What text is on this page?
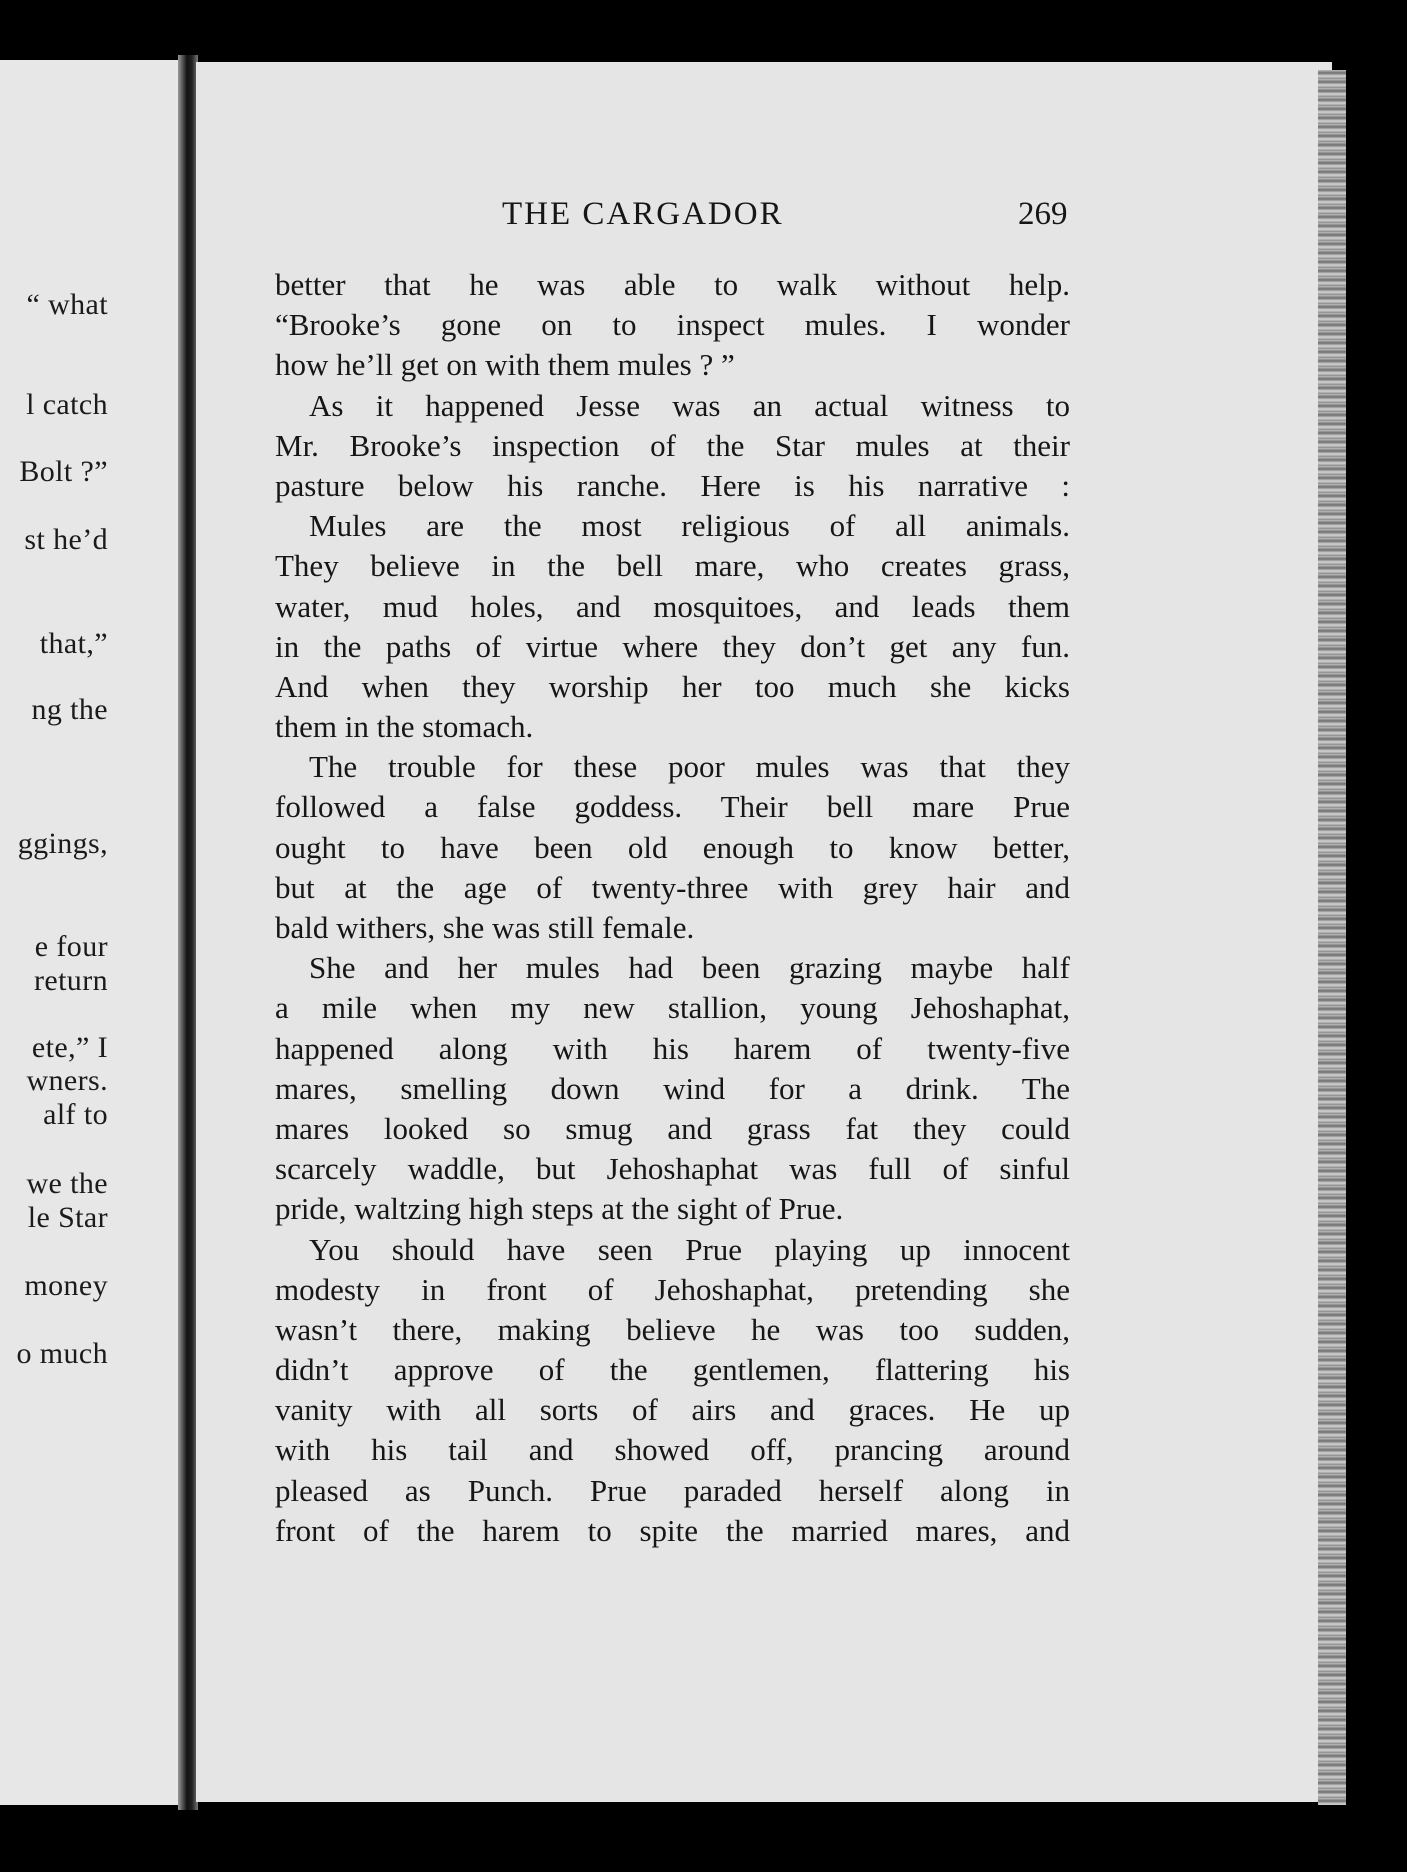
“ what
l catch
Bolt ?”
st he’d
that,”
ng the
ggings,
e four
return
ete,” I
wners.
alf to
we the
le Star
money
o much
THE CARGADOR	269
better that he was able to walk without help.
“Brooke’s gone on to inspect mules. I wonder
how he’ll get on with them mules ? ”
As it happened Jesse was an actual witness to
Mr. Brooke’s inspection of the Star mules at their
pasture below his ranche. Here is his narrative :
Mules are the most religious of all animals.
They believe in the bell mare, who creates grass,
water, mud holes, and mosquitoes, and leads them
in the paths of virtue where they don’t get any fun.
And when they worship her too much she kicks
them in the stomach.
The trouble for these poor mules was that they
followed a false goddess. Their bell mare Prue
ought to have been old enough to know better,
but at the age of twenty-three with grey hair and
bald withers, she was still female.
She and her mules had been grazing maybe half
a mile when my new stallion, young Jehoshaphat,
happened along with his harem of twenty-five
mares, smelling down wind for a drink. The
mares looked so smug and grass fat they could
scarcely waddle, but Jehoshaphat was full of sinful
pride, waltzing high steps at the sight of Prue.
You should have seen Prue playing up innocent
modesty in front of Jehoshaphat, pretending she
wasn’t there, making believe he was too sudden,
didn’t approve of the gentlemen, flattering his
vanity with all sorts of airs and graces. He up
with his tail and showed off, prancing around
pleased as Punch. Prue paraded herself along in
front of the harem to spite the married mares, and
